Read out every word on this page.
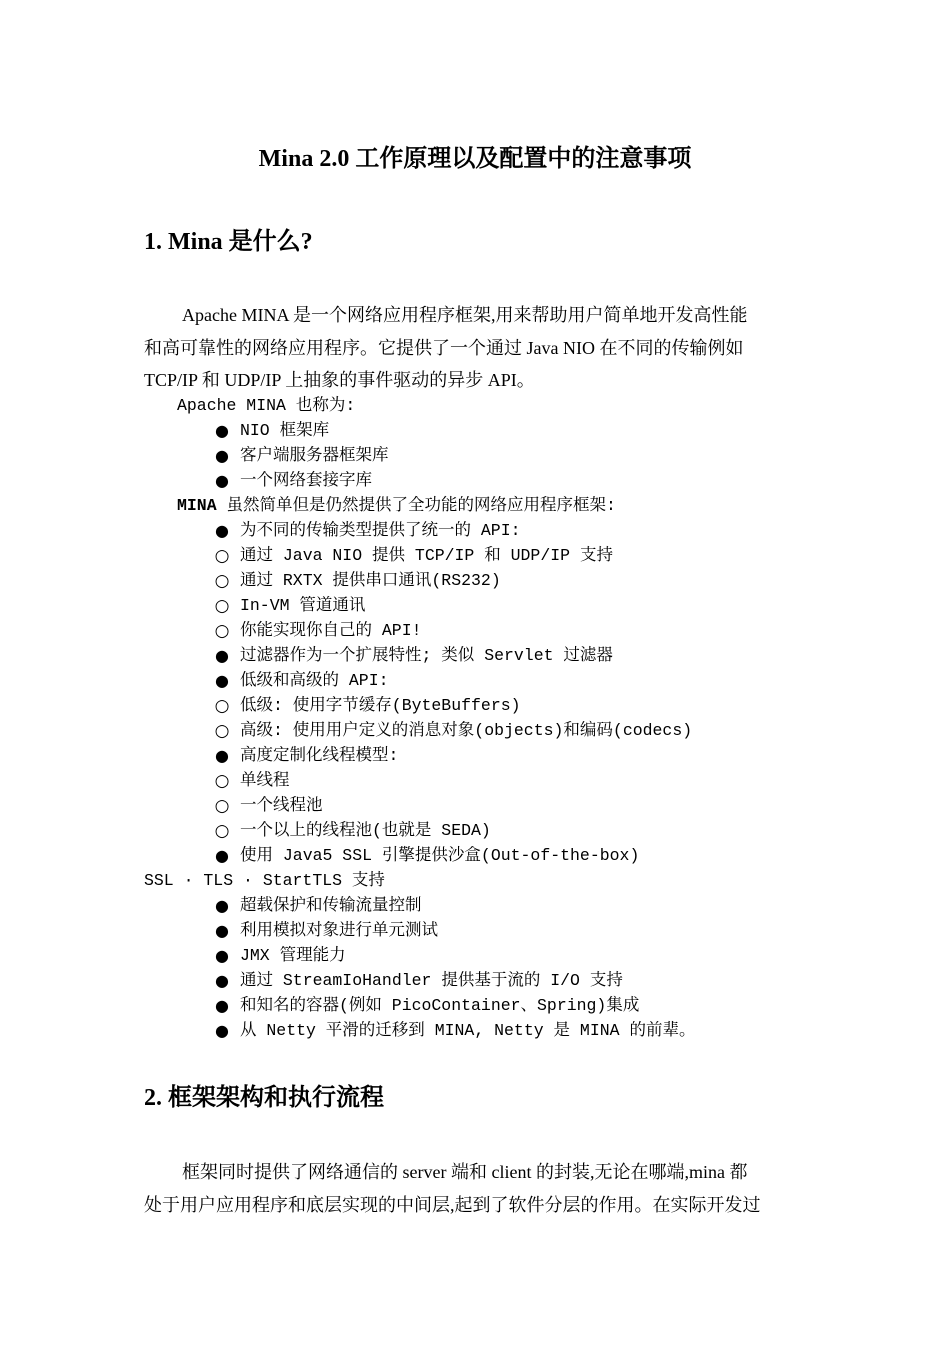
Mina 2.0 工作原理以及配置中的注意事项
1. Mina 是什么?
Apache MINA 是一个网络应用程序框架,用来帮助用户简单地开发高性能
和高可靠性的网络应用程序。它提供了一个通过 Java NIO 在不同的传输例如
TCP/IP 和 UDP/IP 上抽象的事件驱动的异步 API。
Apache MINA 也称为:
● NIO 框架库
● 客户端服务器框架库
● 一个网络套接字库
MINA 虽然简单但是仍然提供了全功能的网络应用程序框架:
● 为不同的传输类型提供了统一的 API:
○ 通过 Java NIO 提供 TCP/IP 和 UDP/IP 支持
○ 通过 RXTX 提供串口通讯(RS232)
○ In-VM 管道通讯
○ 你能实现你自己的 API!
● 过滤器作为一个扩展特性; 类似 Servlet 过滤器
● 低级和高级的 API:
○ 低级: 使用字节缓存(ByteBuffers)
○ 高级: 使用用户定义的消息对象(objects)和编码(codecs)
● 高度定制化线程模型:
○ 单线程
○ 一个线程池
○ 一个以上的线程池(也就是 SEDA)
● 使用 Java5 SSL 引擎提供沙盒(Out-of-the-box)
SSL · TLS · StartTLS 支持
● 超载保护和传输流量控制
● 利用模拟对象进行单元测试
● JMX 管理能力
● 通过 StreamIoHandler 提供基于流的 I/O 支持
● 和知名的容器(例如 PicoContainer、Spring)集成
● 从 Netty 平滑的迁移到 MINA, Netty 是 MINA 的前辈。
2. 框架架构和执行流程
框架同时提供了网络通信的 server 端和 client 的封装,无论在哪端,mina 都
处于用户应用程序和底层实现的中间层,起到了软件分层的作用。在实际开发过
